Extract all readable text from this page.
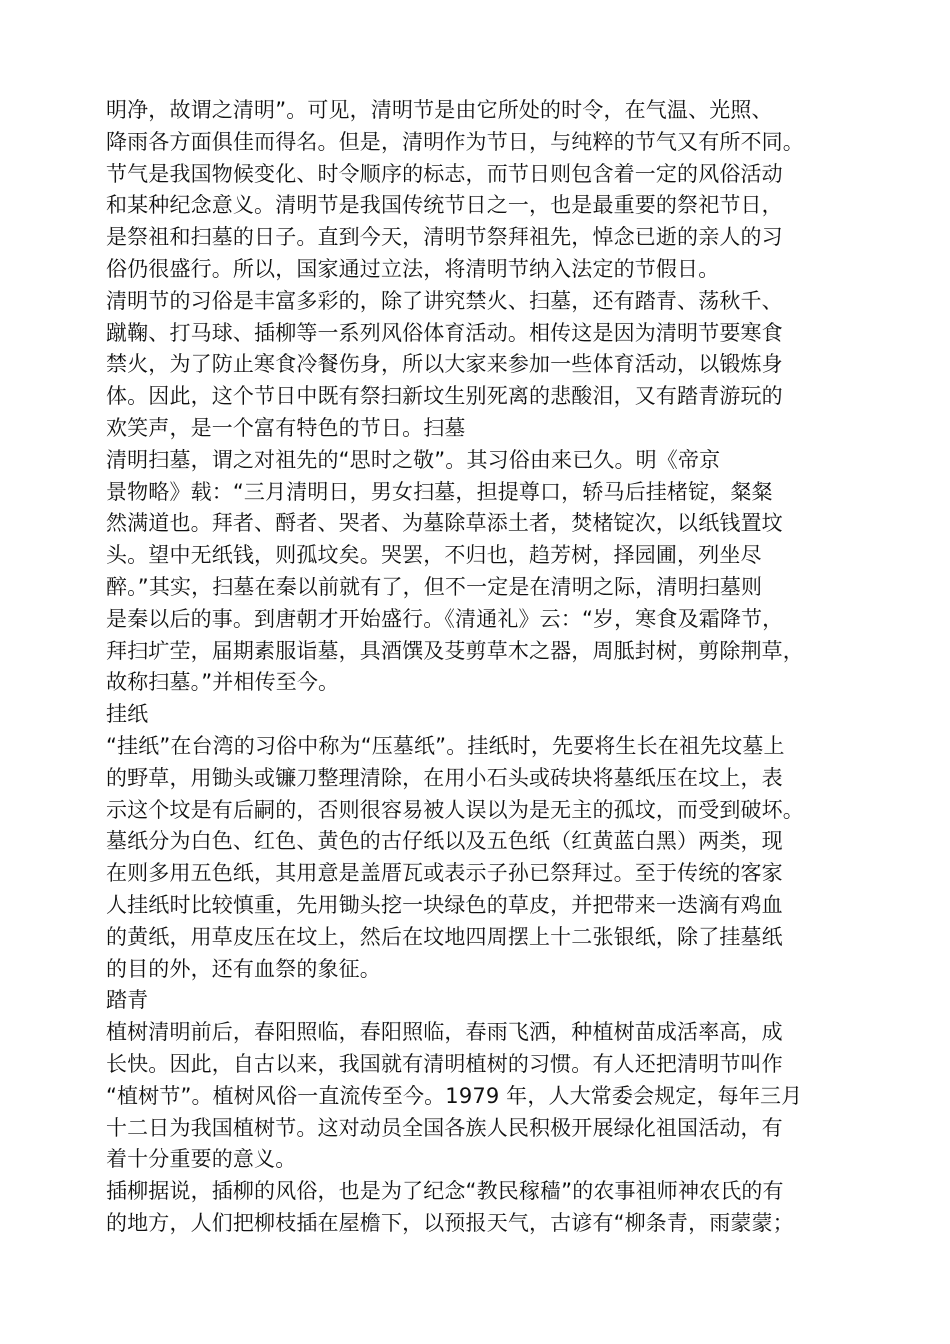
明净，故谓之清明”。可见，清明节是由它所处的时令，在气温、光照、
降雨各方面俱佳而得名。但是，清明作为节日，与纯粹的节气又有所不同。
节气是我国物候变化、时令顺序的标志，而节日则包含着一定的风俗活动
和某种纪念意义。清明节是我国传统节日之一，也是最重要的祭祀节日，
是祭祖和扫墓的日子。直到今天，清明节祭拜祖先，悼念已逝的亲人的习
俗仍很盛行。所以，国家通过立法，将清明节纳入法定的节假日。
清明节的习俗是丰富多彩的，除了讲究禁火、扫墓，还有踏青、荡秋千、
蹴鞠、打马球、插柳等一系列风俗体育活动。相传这是因为清明节要寒食
禁火，为了防止寒食冷餐伤身，所以大家来参加一些体育活动，以锻炼身
体。因此，这个节日中既有祭扫新坟生别死离的悲酸泪，又有踏青游玩的
欢笑声，是一个富有特色的节日。扫墓
清明扫墓，谓之对祖先的“思时之敬”。其习俗由来已久。明《帝京
景物略》载：“三月清明日，男女扫墓，担提尊口，轿马后挂楮锭，粲粲
然满道也。拜者、酹者、哭者、为墓除草添土者，焚楮锭次，以纸钱置坟
头。望中无纸钱，则孤坟矣。哭罢，不归也，趋芳树，择园圃，列坐尽
醉。”其实，扫墓在秦以前就有了，但不一定是在清明之际，清明扫墓则
是秦以后的事。到唐朝才开始盛行。《清通礼》云：“岁，寒食及霜降节，
拜扫圹茔，届期素服诣墓，具酒馔及芟剪草木之器，周胝封树，剪除荆草，
故称扫墓。”并相传至今。
挂纸
“挂纸”在台湾的习俗中称为“压墓纸”。挂纸时，先要将生长在祖先坟墓上
的野草，用锄头或镰刀整理清除，在用小石头或砖块将墓纸压在坟上，表
示这个坟是有后嗣的，否则很容易被人误以为是无主的孤坟，而受到破坏。
墓纸分为白色、红色、黄色的古仔纸以及五色纸（红黄蓝白黑）两类，现
在则多用五色纸，其用意是盖厝瓦或表示子孙已祭拜过。至于传统的客家
人挂纸时比较慎重，先用锄头挖一块绿色的草皮，并把带来一迭滴有鸡血
的黄纸，用草皮压在坟上，然后在坟地四周摆上十二张银纸，除了挂墓纸
的目的外，还有血祭的象征。
踏青
植树清明前后，春阳照临，春阳照临，春雨飞洒，种植树苗成活率高，成
长快。因此，自古以来，我国就有清明植树的习惯。有人还把清明节叫作
“植树节”。植树风俗一直流传至今。1979 年，人大常委会规定，每年三月
十二日为我国植树节。这对动员全国各族人民积极开展绿化祖国活动，有
着十分重要的意义。
插柳据说，插柳的风俗，也是为了纪念“教民稼穑”的农事祖师神农氏的有
的地方，人们把柳枝插在屋檐下，以预报天气，古谚有“柳条青，雨蒙蒙；
